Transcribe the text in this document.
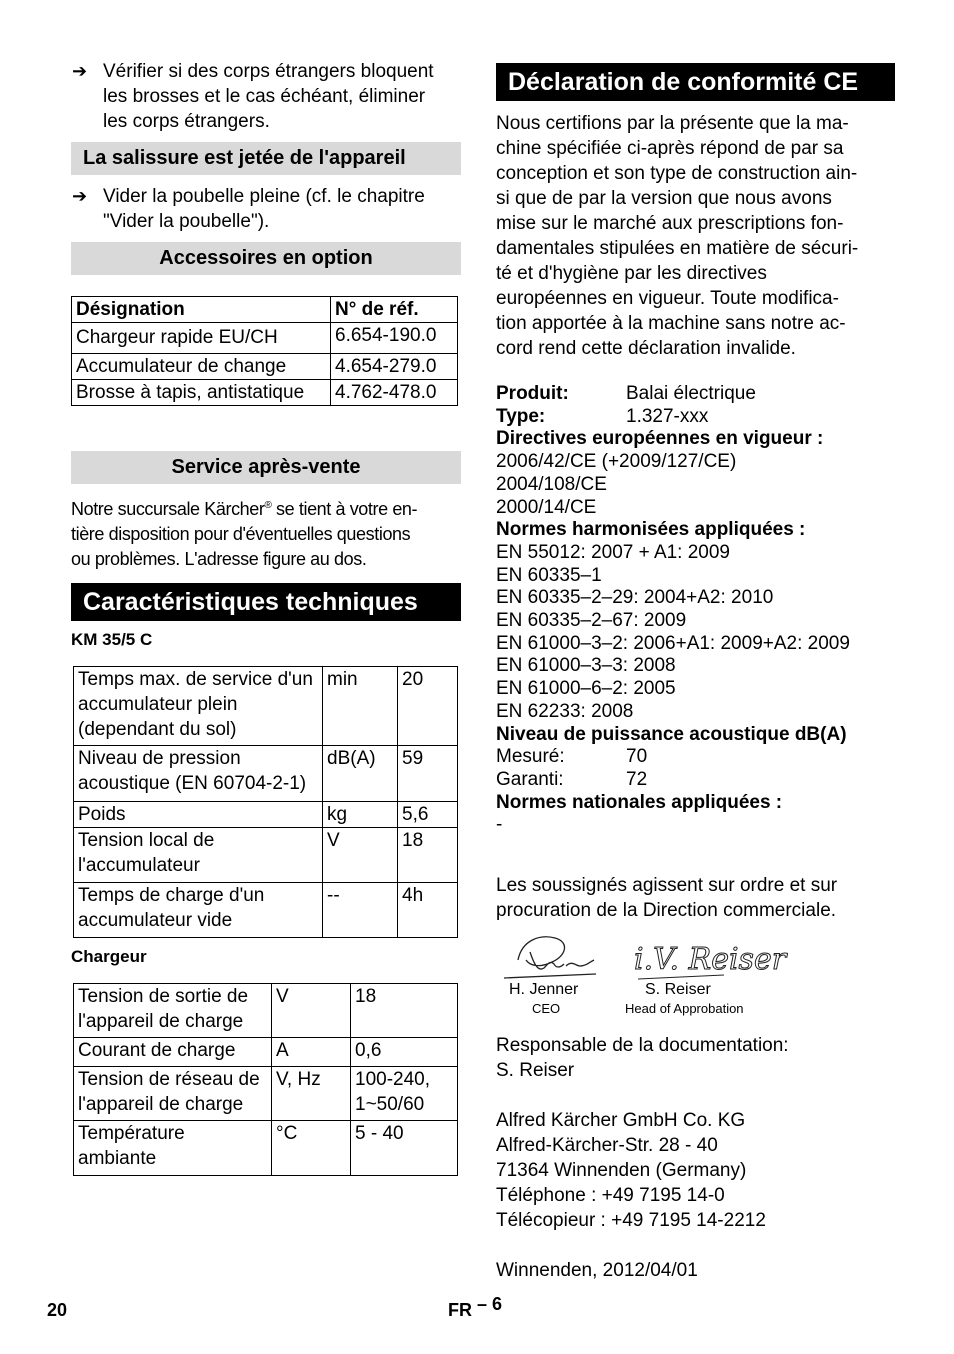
➔ Vérifier si des corps étrangers bloquent
les brosses et le cas échéant, éliminer
les corps étrangers.
La salissure est jetée de l'appareil
➔ Vider la poubelle pleine (cf. le chapitre
"Vider la poubelle").
Accessoires en option
Désignation	N° de réf.
Chargeur rapide EU/CH	6.654-190.0
Accumulateur de change	4.654-279.0
Brosse à tapis, antistatique	4.762-478.0
Service après-vente
Notre succursale Kärcher® se tient à votre en-
tière disposition pour d'éventuelles questions
ou problèmes. L'adresse figure au dos.
Caractéristiques techniques
KM 35/5 C
Temps max. de service d'un accumulateur plein (dependant du sol)	min	20
Niveau de pression acoustique (EN 60704-2-1)	dB(A)	59
Poids	kg	5,6
Tension local de l'accumulateur	V	18
Temps de charge d'un accumulateur vide	--	4h
Chargeur
Tension de sortie de l'appareil de charge	V	18
Courant de charge	A	0,6
Tension de réseau de l'appareil de charge	V, Hz	100-240, 1~50/60
Température ambiante	°C	5 - 40
Déclaration de conformité CE
Nous certifions par la présente que la ma-
chine spécifiée ci-après répond de par sa
conception et son type de construction ain-
si que de par la version que nous avons
mise sur le marché aux prescriptions fon-
damentales stipulées en matière de sécuri-
té et d'hygiène par les directives
européennes en vigueur. Toute modifica-
tion apportée à la machine sans notre ac-
cord rend cette déclaration invalide.
Produit:	Balai électrique
Type:	1.327-xxx
Directives européennes en vigueur :
2006/42/CE (+2009/127/CE)
2004/108/CE
2000/14/CE
Normes harmonisées appliquées :
EN 55012: 2007 + A1: 2009
EN 60335–1
EN 60335–2–29: 2004+A2: 2010
EN 60335–2–67: 2009
EN 61000–3–2: 2006+A1: 2009+A2: 2009
EN 61000–3–3: 2008
EN 61000–6–2: 2005
EN 62233: 2008
Niveau de puissance acoustique dB(A)
Mesuré:	70
Garanti:	72
Normes nationales appliquées :
-
Les soussignés agissent sur ordre et sur
procuration de la Direction commerciale.
i.V. Reiser
H. Jenner
CEO
S. Reiser
Head of Approbation
Responsable de la documentation:
S. Reiser
Alfred Kärcher GmbH Co. KG
Alfred-Kärcher-Str. 28 - 40
71364 Winnenden (Germany)
Téléphone : +49 7195 14-0
Télécopieur : +49 7195 14-2212
Winnenden, 2012/04/01
20	FR – 6
